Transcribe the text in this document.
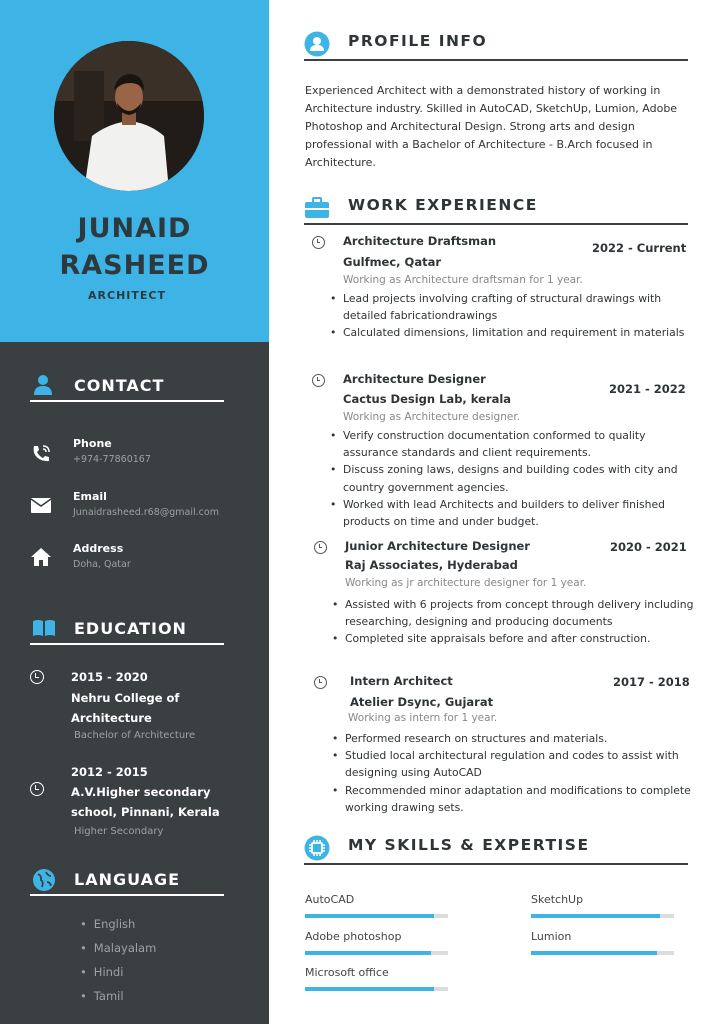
JUNAID
RASHEED
ARCHITECT
CONTACT
Phone
+974-77860167
Email
Junaidrasheed.r68@gmail.com
Address
Doha, Qatar
EDUCATION
2015 - 2020
Nehru College of
Architecture
Bachelor of Architecture
2012 - 2015
A.V.Higher secondary
school, Pinnani, Kerala
Higher Secondary
LANGUAGE
• English
• Malayalam
• Hindi
• Tamil
PROFILE INFO
Experienced Architect with a demonstrated history of working in Architecture industry. Skilled in AutoCAD, SketchUp, Lumion, Adobe Photoshop and Architectural Design. Strong arts and design professional with a Bachelor of Architecture - B.Arch focused in Architecture.
WORK EXPERIENCE
Architecture Draftsman	2022 - Current
Gulfmec, Qatar
Working as Architecture draftsman for 1 year.
• Lead projects involving crafting of structural drawings with detailed fabricationdrawings
• Calculated dimensions, limitation and requirement in materials
Architecture Designer
2021 - 2022
Cactus Design Lab, kerala
Working as Architecture designer.
• Verify construction documentation conformed to quality assurance standards and client requirements.
• Discuss zoning laws, designs and building codes with city and country government agencies.
• Worked with lead Architects and builders to deliver finished products on time and under budget.
Junior Architecture Designer	2020 - 2021
Raj Associates, Hyderabad
Working as jr architecture designer for 1 year.
• Assisted with 6 projects from concept through delivery including researching, designing and producing documents
• Completed site appraisals before and after construction.
Intern Architect	2017 - 2018
Atelier Dsync, Gujarat
Working as intern for 1 year.
• Performed research on structures and materials.
• Studied local architectural regulation and codes to assist with designing using AutoCAD
• Recommended minor adaptation and modifications to complete working drawing sets.
MY SKILLS & EXPERTISE
AutoCAD	SketchUp
Adobe photoshop	Lumion
Microsoft office
